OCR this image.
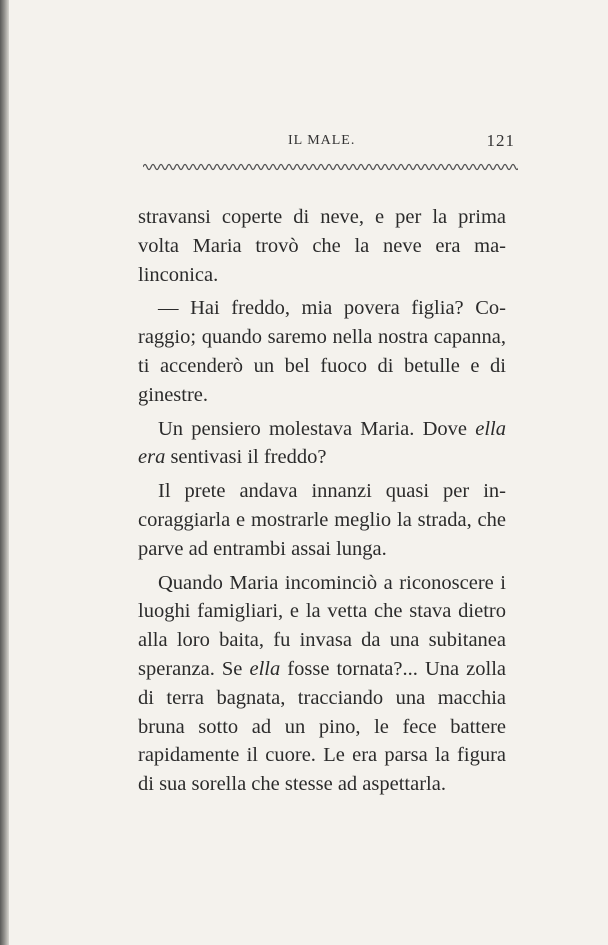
IL MALE.	121

stravansi coperte di neve, e per la prima volta Maria trovò che la neve era malinconica.

— Hai freddo, mia povera figlia? Coraggio; quando saremo nella nostra capanna, ti accenderò un bel fuoco di betulle e di ginestre.

Un pensiero molestava Maria. Dove ella era sentivasi il freddo?

Il prete andava innanzi quasi per incoraggiarla e mostrarle meglio la strada, che parve ad entrambi assai lunga.

Quando Maria incominciò a riconoscere i luoghi famigliari, e la vetta che stava dietro alla loro baita, fu invasa da una subitanea speranza. Se ella fosse tornata?... Una zolla di terra bagnata, tracciando una macchia bruna sotto ad un pino, le fece battere rapidamente il cuore. Le era parsa la figura di sua sorella che stesse ad aspettarla.
